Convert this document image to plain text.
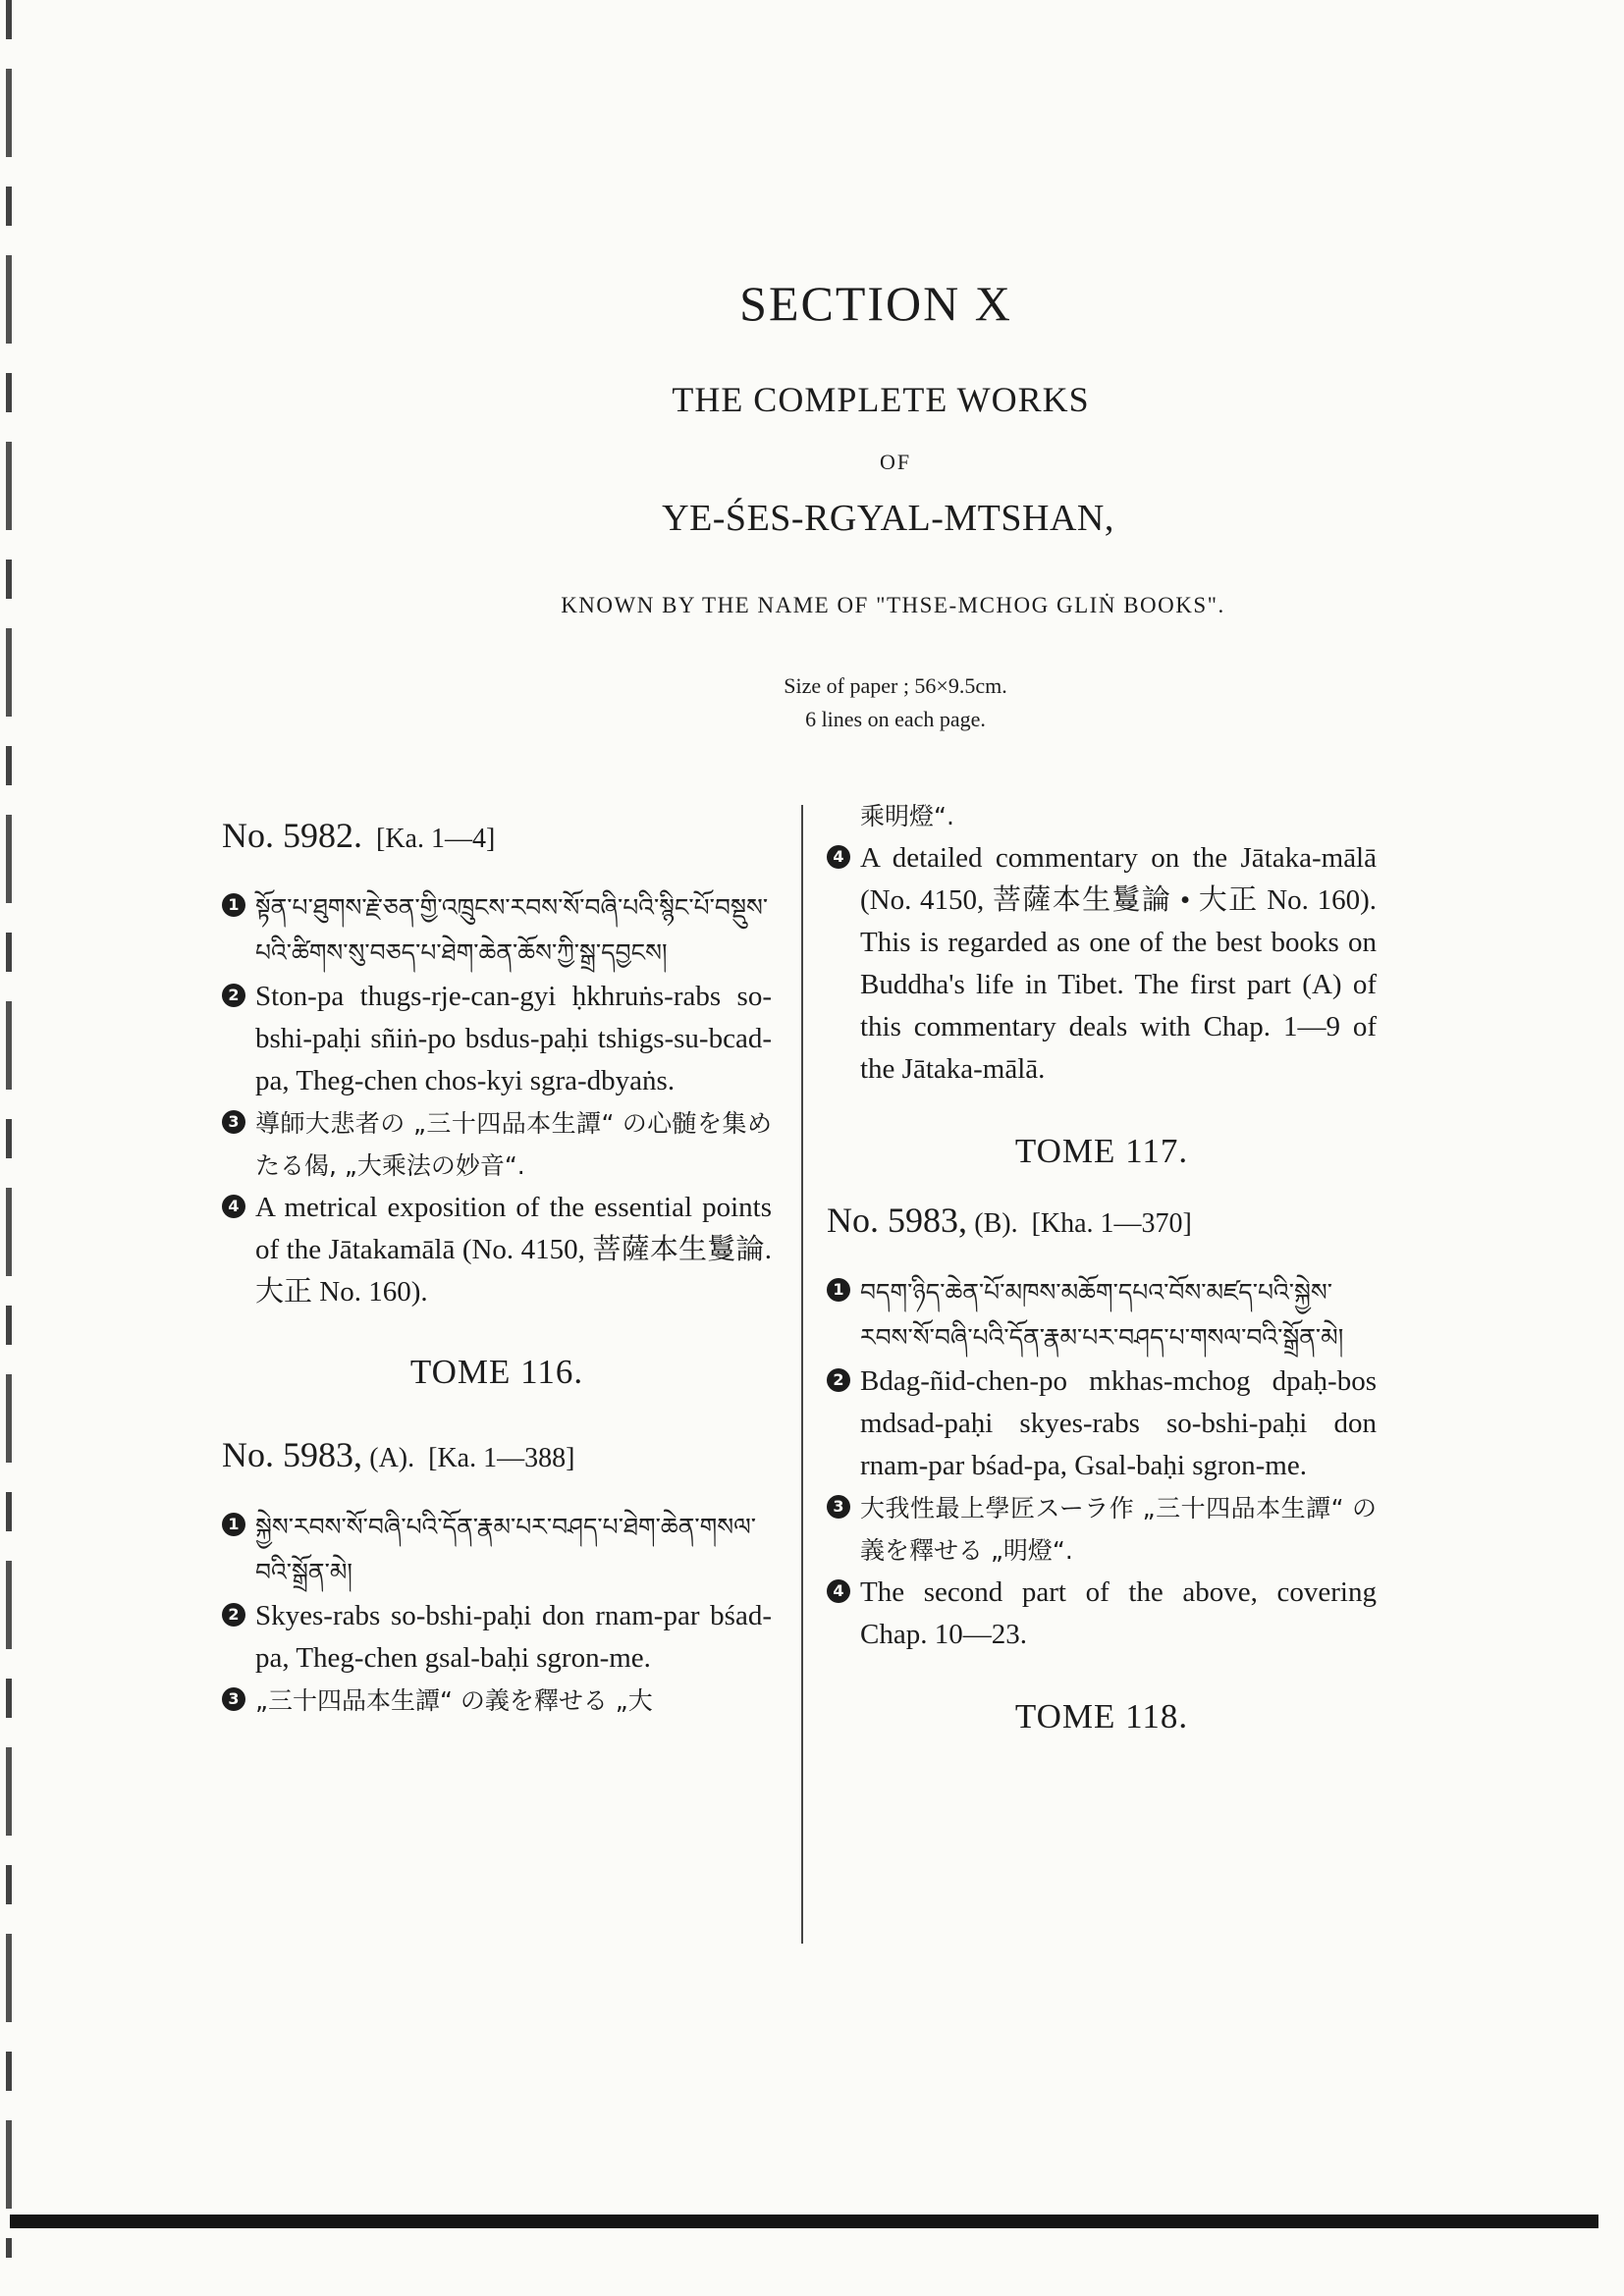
SECTION X
THE COMPLETE WORKS
OF
YE-ŚES-RGYAL-MTSHAN,
KNOWN BY THE NAME OF "THSE-MCHOG GLIṄ BOOKS".
Size of paper ; 56×9.5cm.
6 lines on each page.
No. 5982. [Ka. 1—4]
1 སྟོན་པ་ཐུགས་རྗེ་ཅན་གྱི་འཁྲུངས་རབས་སོ་བཞི་པའི་སྙིང་པོ་བསྡུས་པའི་ཚིགས་སུ་བཅད་པ་ཐེག་ཆེན་ཆོས་ཀྱི་སྒྲ་དབྱངས།
2 Ston-pa thugs-rje-can-gyi ḥkhruṅs-rabs so-bshi-paḥi sñiṅ-po bsdus-paḥi tshigs-su-bcad-pa, Theg-chen chos-kyi sgra-dbyaṅs.
3 導師大悲者の „三十四品本生譚“ の心髄を集めたる偈, „大乘法の妙音“.
4 A metrical exposition of the essential points of the Jātakamālā (No. 4150, 菩薩本生鬘論. 大正 No. 160).
TOME 116.
No. 5983, (A). [Ka. 1—388]
1 སྐྱེས་རབས་སོ་བཞི་པའི་དོན་རྣམ་པར་བཤད་པ་ཐེག་ཆེན་གསལ་བའི་སྒྲོན་མེ།
2 Skyes-rabs so-bshi-paḥi don rnam-par bśad-pa, Theg-chen gsal-baḥi sgron-me.
3 „三十四品本生譚“ の義を釋せる „大
乘明燈“.
4 A detailed commentary on the Jātaka-mālā (No. 4150, 菩薩本生鬘論 • 大正 No. 160). This is regarded as one of the best books on Buddha's life in Tibet. The first part (A) of this commentary deals with Chap. 1—9 of the Jātaka-mālā.
TOME 117.
No. 5983, (B). [Kha. 1—370]
1 བདག་ཉིད་ཆེན་པོ་མཁས་མཆོག་དཔའ་བོས་མཛད་པའི་སྐྱེས་རབས་སོ་བཞི་པའི་དོན་རྣམ་པར་བཤད་པ་གསལ་བའི་སྒྲོན་མེ།
2 Bdag-ñid-chen-po mkhas-mchog dpaḥ-bos mdsad-paḥi skyes-rabs so-bshi-paḥi don rnam-par bśad-pa, Gsal-baḥi sgron-me.
3 大我性最上學匠スーラ作 „三十四品本生譚“ の義を釋せる „明燈“.
4 The second part of the above, covering Chap. 10—23.
TOME 118.
